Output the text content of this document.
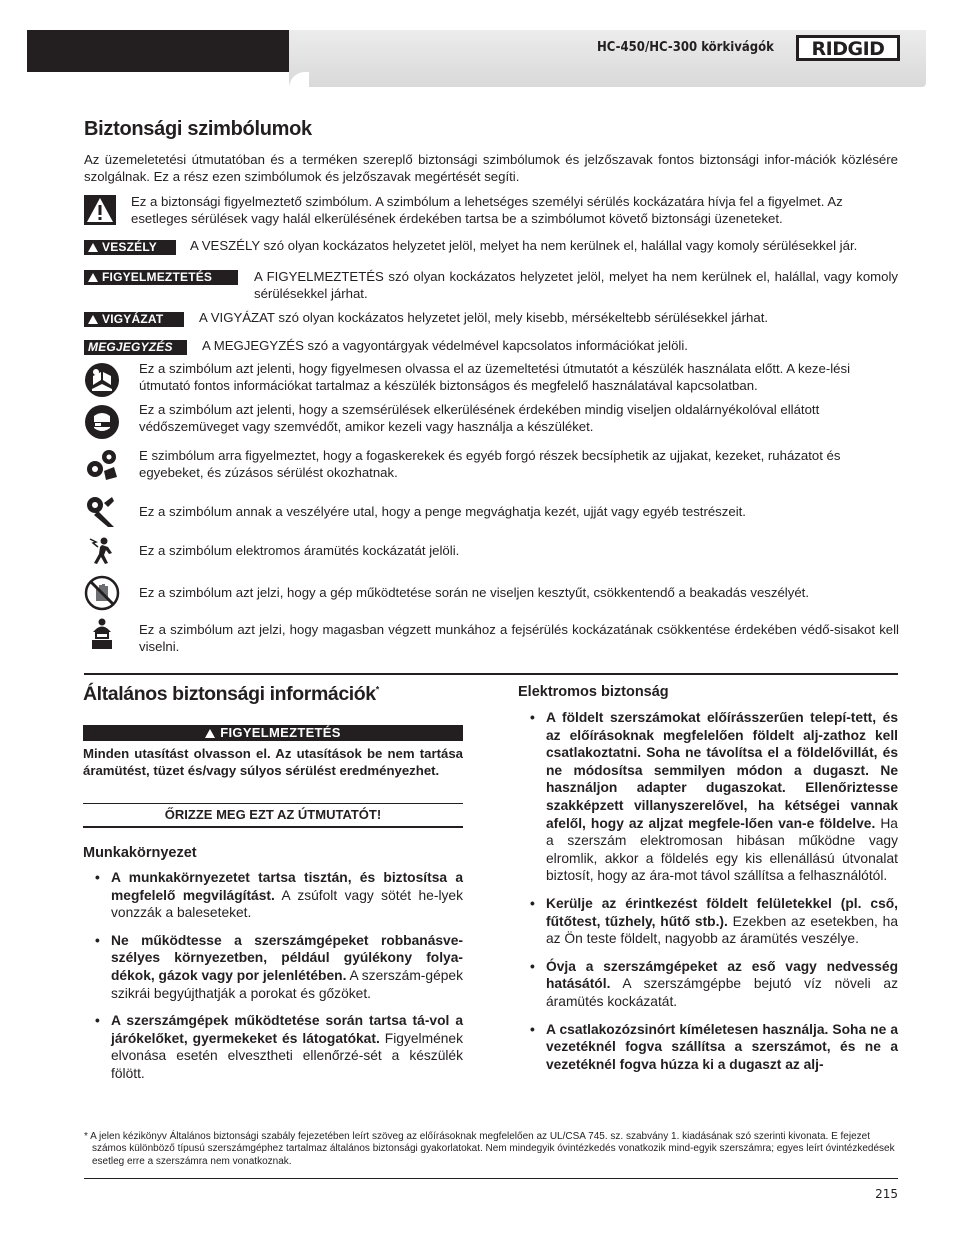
HC-450/HC-300 körkivágók RIDGID
Biztonsági szimbólumok
Az üzemeletetési útmutatóban és a terméken szereplő biztonsági szimbólumok és jelzőszavak fontos biztonsági infor-mációk közlésére szolgálnak. Ez a rész ezen szimbólumok és jelzőszavak megértését segíti.
Ez a biztonsági figyelmeztető szimbólum. A szimbólum a lehetséges személyi sérülés kockázatára hívja fel a figyelmet. Az esetleges sérülések vagy halál elkerülésének érdekében tartsa be a szimbólumot követő biztonsági üzeneteket.
VESZÉLY	A VESZÉLY szó olyan kockázatos helyzetet jelöl, melyet ha nem kerülnek el, halállal vagy komoly sérülésekkel jár.
FIGYELMEZTETÉS	A FIGYELMEZTETÉS szó olyan kockázatos helyzetet jelöl, melyet ha nem kerülnek el, halállal, vagy komoly sérülésekkel járhat.
VIGYÁZAT	A VIGYÁZAT szó olyan kockázatos helyzetet jelöl, mely kisebb, mérsékeltebb sérülésekkel járhat.
MEGJEGYZÉS A MEGJEGYZÉS szó a vagyontárgyak védelmével kapcsolatos információkat jelöli.
Ez a szimbólum azt jelenti, hogy figyelmesen olvassa el az üzemeltetési útmutatót a készülék használata előtt. A keze-lési útmutató fontos információkat tartalmaz a készülék biztonságos és megfelelő használatával kapcsolatban.
Ez a szimbólum azt jelenti, hogy a szemsérülések elkerülésének érdekében mindig viseljen oldalárnyékolóval ellátott védőszemüveget vagy szemvédőt, amikor kezeli vagy használja a készüléket.
E szimbólum arra figyelmeztet, hogy a fogaskerekek és egyéb forgó részek becsíphetik az ujjakat, kezeket, ruházatot és egyebeket, és zúzásos sérülést okozhatnak.
Ez a szimbólum annak a veszélyére utal, hogy a penge megvághatja kezét, ujját vagy egyéb testrészeit.
Ez a szimbólum elektromos áramütés kockázatát jelöli.
Ez a szimbólum azt jelzi, hogy a gép működtetése során ne viseljen kesztyűt, csökkentendő a beakadás veszélyét.
Ez a szimbólum azt jelzi, hogy magasban végzett munkához a fejsérülés kockázatának csökkentése érdekében védő-sisakot kell viselni.
Általános biztonsági információk*
FIGYELMEZTETÉS
Minden utasítást olvasson el. Az utasítások be nem tartása áramütést, tüzet és/vagy súlyos sérülést eredményezhet.
ŐRIZZE MEG EZT AZ ÚTMUTATÓT!
Munkakörnyezet
• A munkakörnyezetet tartsa tisztán, és biztosítsa a megfelelő megvilágítást. A zsúfolt vagy sötét he-lyek vonzzák a baleseteket.
• Ne működtesse a szerszámgépeket robbanásve-szélyes környezetben, például gyúlékony folya-dékok, gázok vagy por jelenlétében. A szerszám-gépek szikrái begyújthatják a porokat és gőzöket.
• A szerszámgépek működtetése során tartsa tá-vol a járókelőket, gyermekeket és látogatókat. Figyelmének elvonása esetén elvesztheti ellenőrzé-sét a készülék fölött.
Elektromos biztonság
• A földelt szerszámokat előírásszerűen telepí-tett, és az előírásoknak megfelelően földelt alj-zathoz kell csatlakoztatni. Soha ne távolítsa el a földelővillát, és ne módosítsa semmilyen módon a dugaszt. Ne használjon adapter dugaszokat. Ellenőriztesse szakképzett villanyszerelővel, ha kétségei vannak afelől, hogy az aljzat megfele-lően van-e földelve. Ha a szerszám elektromosan hibásan működne vagy elromlik, akkor a földelés egy kis ellenállású útvonalat biztosít, hogy az ára-mot távol szállítsa a felhasználótól.
• Kerülje az érintkezést földelt felületekkel (pl. cső, fűtőtest, tűzhely, hűtő stb.). Ezekben az esetekben, ha az Ön teste földelt, nagyobb az áramütés veszélye.
• Óvja a szerszámgépeket az eső vagy nedvesség hatásától. A szerszámgépbe bejutó víz növeli az áramütés kockázatát.
• A csatlakozózsinórt kíméletesen használja. Soha ne a vezetéknél fogva szállítsa a szerszámot, és ne a vezetéknél fogva húzza ki a dugaszt az alj-
* A jelen kézikönyv Általános biztonsági szabály fejezetében leírt szöveg az előírásoknak megfelelően az UL/CSA 745. sz. szabvány 1. kiadásának szó szerinti kivonata. E fejezet számos különböző típusú szerszámgéphez tartalmaz általános biztonsági gyakorlatokat. Nem mindegyik óvintézkedés vonatkozik mind-egyik szerszámra; egyes leírt óvintézkedések esetleg erre a szerszámra nem vonatkoznak.
215
